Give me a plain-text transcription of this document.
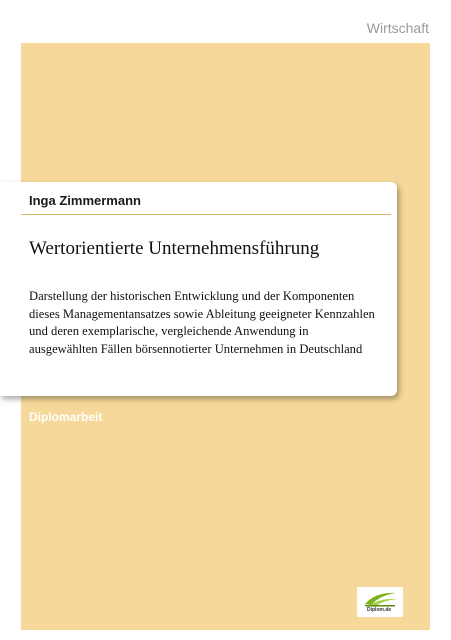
Wirtschaft
Inga Zimmermann
Wertorientierte Unternehmensführung

Darstellung der historischen Entwicklung und der Komponenten
dieses Managementansatzes sowie Ableitung geeigneter Kennzahlen
und deren exemplarische, vergleichende Anwendung in
ausgewählten Fällen börsennotierter Unternehmen in Deutschland

Diplomarbeit
Diplom.de
